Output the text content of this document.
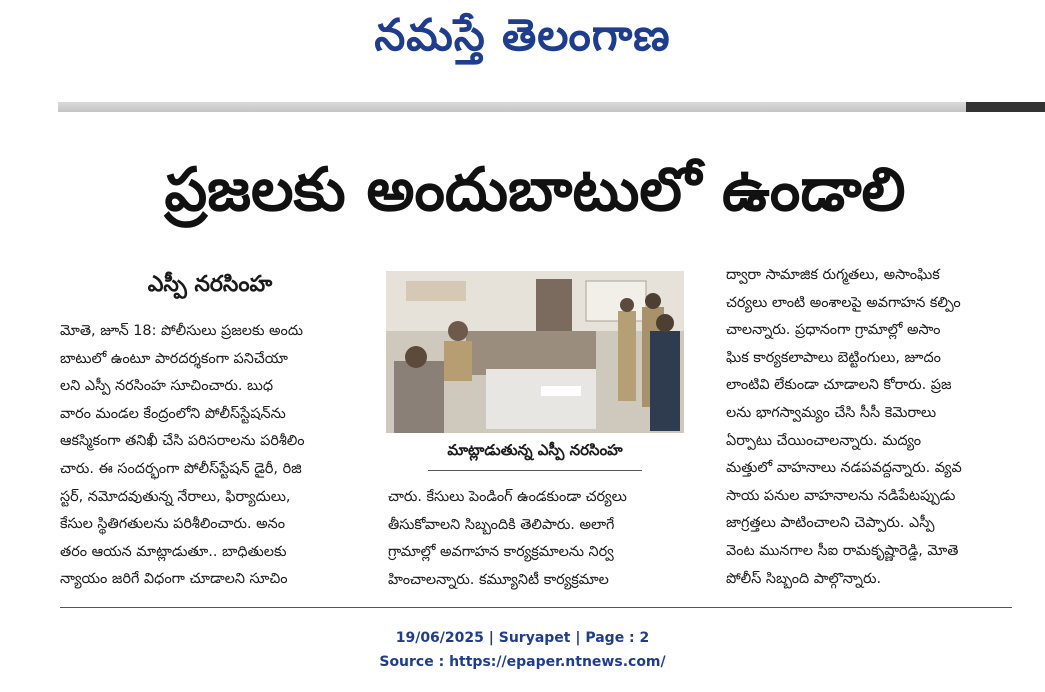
నమస్తే తెలంగాణ
ప్రజలకు అందుబాటులో ఉండాలి
ఎస్పీ నరసింహ

మోతె, జూన్ 18: పోలీసులు ప్రజలకు అందు

బాటులో ఉంటూ పారదర్శకంగా పనిచేయా

లని ఎస్పీ నరసింహ సూచించారు. బుధ

వారం మండల కేంద్రంలోని పోలీస్‌స్టేషన్‌ను

ఆకస్మికంగా తనిఖీ చేసి పరిసరాలను పరిశీలిం

చారు. ఈ సందర్భంగా పోలీస్‌స్టేషన్ డైరీ, రిజి

స్టర్, నమోదవుతున్న నేరాలు, ఫిర్యాదులు,

కేసుల స్థితిగతులను పరిశీలించారు. అనం

తరం ఆయన మాట్లాడుతూ.. బాధితులకు

న్యాయం జరిగే విధంగా చూడాలని సూచిం

మాట్లాడుతున్న ఎస్పీ నరసింహ

చారు. కేసులు పెండింగ్ ఉండకుండా చర్యలు

తీసుకోవాలని సిబ్బందికి తెలిపారు. అలాగే

గ్రామాల్లో అవగాహన కార్యక్రమాలను నిర్వ

హించాలన్నారు. కమ్యూనిటీ కార్యక్రమాల

ద్వారా సామాజిక రుగ్మతలు, అసాంఘిక

చర్యలు లాంటి అంశాలపై అవగాహన కల్పిం

చాలన్నారు. ప్రధానంగా గ్రామాల్లో అసాం

ఘిక కార్యకలాపాలు బెట్టింగులు, జూదం

లాంటివి లేకుండా చూడాలని కోరారు. ప్రజ

లను భాగస్వామ్యం చేసి సీసీ కెమెరాలు

ఏర్పాటు చేయించాలన్నారు. మద్యం

మత్తులో వాహనాలు నడపవద్దన్నారు. వ్యవ

సాయ పనుల వాహనాలను నడిపేటప్పుడు

జాగ్రత్తలు పాటించాలని చెప్పారు. ఎస్పీ

వెంట మునగాల సీఐ రామకృష్ణారెడ్డి, మోతె

పోలీస్ సిబ్బంది పాల్గొన్నారు.

19/06/2025 | Suryapet | Page : 2
Source : https://epaper.ntnews.com/
